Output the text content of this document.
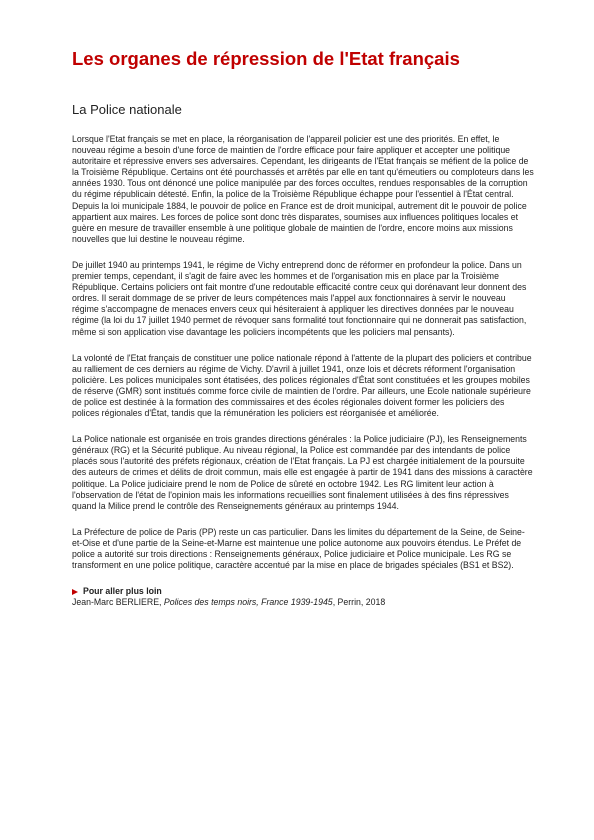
Les organes de répression de l'Etat français
La Police nationale

Lorsque l'Etat français se met en place, la réorganisation de l'appareil policier est une des priorités. En effet, le nouveau régime a besoin d'une force de maintien de l'ordre efficace pour faire appliquer et accepter une politique autoritaire et répressive envers ses adversaires. Cependant, les dirigeants de l'Etat français se méfient de la police de la Troisième République. Certains ont été pourchassés et arrêtés par elle en tant qu'émeutiers ou comploteurs dans les années 1930. Tous ont dénoncé une police manipulée par des forces occultes, rendues responsables de la corruption du régime républicain détesté. Enfin, la police de la Troisième République échappe pour l'essentiel à l'État central. Depuis la loi municipale 1884, le pouvoir de police en France est de droit municipal, autrement dit le pouvoir de police appartient aux maires. Les forces de police sont donc très disparates, soumises aux influences politiques locales et guère en mesure de travailler ensemble à une politique globale de maintien de l'ordre, encore moins aux missions nouvelles que lui destine le nouveau régime.

De juillet 1940 au printemps 1941, le régime de Vichy entreprend donc de réformer en profondeur la police. Dans un premier temps, cependant, il s'agit de faire avec les hommes et de l'organisation mis en place par la Troisième République. Certains policiers ont fait montre d'une redoutable efficacité contre ceux qui dorénavant leur donnent des ordres. Il serait dommage de se priver de leurs compétences mais l'appel aux fonctionnaires à servir le nouveau régime s'accompagne de menaces envers ceux qui hésiteraient à appliquer les directives données par le nouveau régime (la loi du 17 juillet 1940 permet de révoquer sans formalité tout fonctionnaire qui ne donnerait pas satisfaction, même si son application vise davantage les policiers incompétents que les policiers mal pensants).

La volonté de l'Etat français de constituer une police nationale répond à l'attente de la plupart des policiers et contribue au ralliement de ces derniers au régime de Vichy. D'avril à juillet 1941, onze lois et décrets réforment l'organisation policière. Les polices municipales sont étatisées, des polices régionales d'État sont constituées et les groupes mobiles de réserve (GMR) sont institués comme force civile de maintien de l'ordre. Par ailleurs, une Ecole nationale supérieure de police est destinée à la formation des commissaires et des écoles régionales doivent former les policiers des polices régionales d'État, tandis que la rémunération les policiers est réorganisée et améliorée.

La Police nationale est organisée en trois grandes directions générales : la Police judiciaire (PJ), les Renseignements généraux (RG) et la Sécurité publique. Au niveau régional, la Police est commandée par des intendants de police placés sous l'autorité des préfets régionaux, création de l'Etat français. La PJ est chargée initialement de la poursuite des auteurs de crimes et délits de droit commun, mais elle est engagée à partir de 1941 dans des missions à caractère politique. La Police judiciaire prend le nom de Police de sûreté en octobre 1942. Les RG limitent leur action à l'observation de l'état de l'opinion mais les informations recueillies sont finalement utilisées à des fins répressives quand la Milice prend le contrôle des Renseignements généraux au printemps 1944.

La Préfecture de police de Paris (PP) reste un cas particulier. Dans les limites du département de la Seine, de Seine-et-Oise et d'une partie de la Seine-et-Marne est maintenue une police autonome aux pouvoirs étendus. Le Préfet de police a autorité sur trois directions : Renseignements généraux, Police judiciaire et Police municipale. Les RG se transforment en une police politique, caractère accentué par la mise en place de brigades spéciales (BS1 et BS2).

Pour aller plus loin
Jean-Marc BERLIERE, Polices des temps noirs, France 1939-1945, Perrin, 2018
